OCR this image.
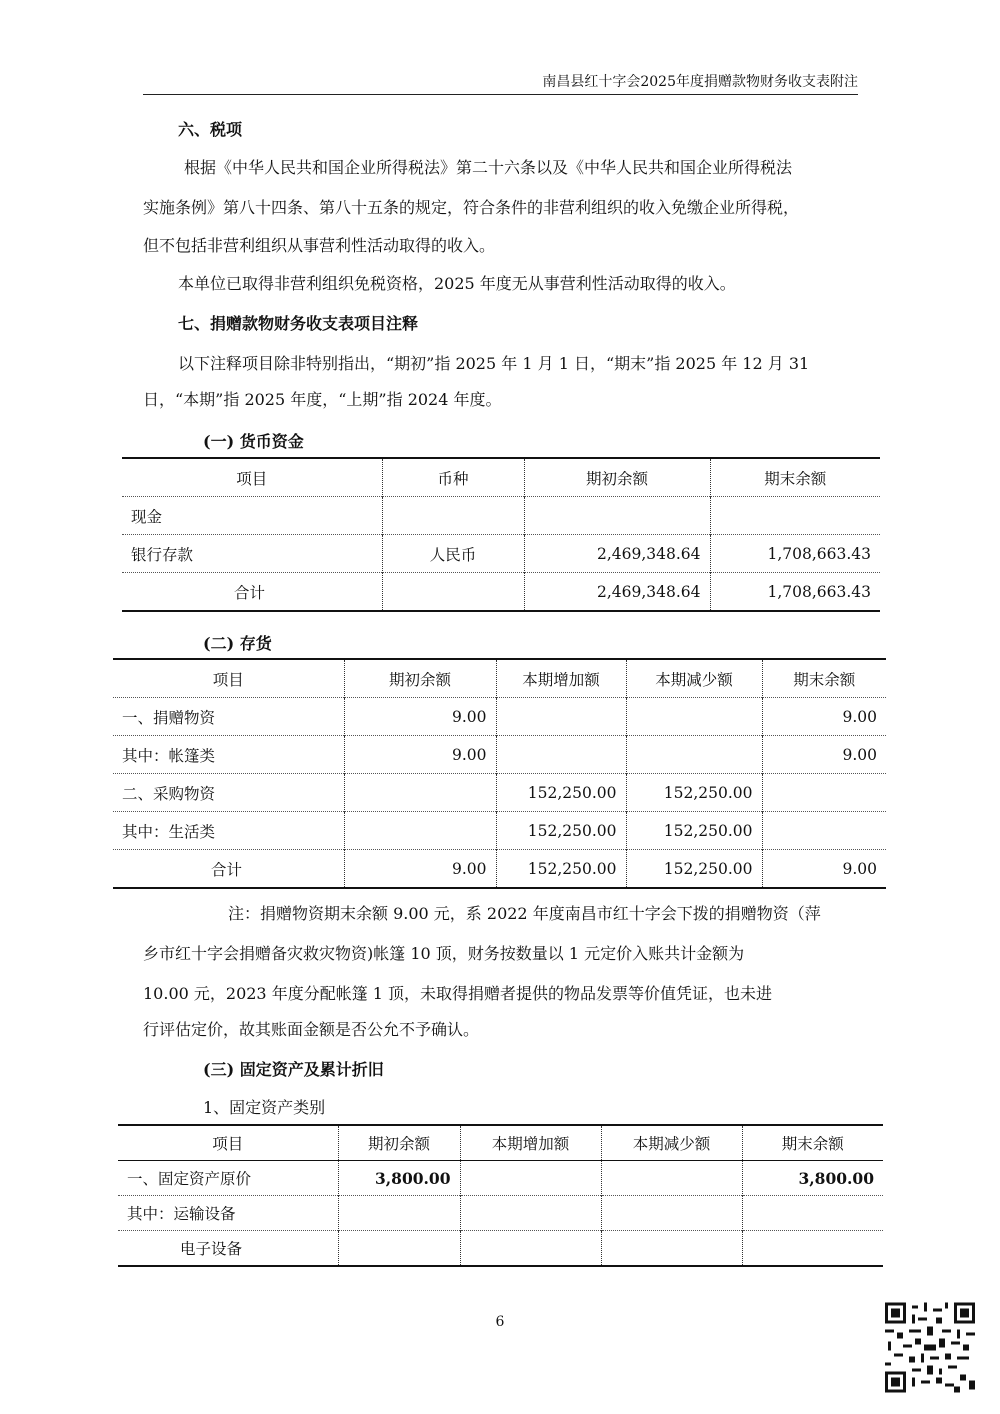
南昌县红十字会2025年度捐赠款物财务收支表附注
六、税项
根据《中华人民共和国企业所得税法》第二十六条以及《中华人民共和国企业所得税法
实施条例》第八十四条、第八十五条的规定，符合条件的非营利组织的收入免缴企业所得税，
但不包括非营利组织从事营利性活动取得的收入。
本单位已取得非营利组织免税资格，2025 年度无从事营利性活动取得的收入。
七、捐赠款物财务收支表项目注释
以下注释项目除非特别指出，“期初”指 2025 年 1 月 1 日，“期末”指 2025 年 12 月 31
日，“本期”指 2025 年度，“上期”指 2024 年度。
(一) 货币资金
项目	币种	期初余额	期末余额
现金			
银行存款	人民币	2,469,348.64	1,708,663.43
合计		2,469,348.64	1,708,663.43
(二) 存货
项目	期初余额	本期增加额	本期减少额	期末余额
一、捐赠物资	9.00			9.00
其中：帐篷类	9.00			9.00
二、采购物资		152,250.00	152,250.00	
其中：生活类		152,250.00	152,250.00	
合计	9.00	152,250.00	152,250.00	9.00
注：捐赠物资期末余额 9.00 元，系 2022 年度南昌市红十字会下拨的捐赠物资（萍
乡市红十字会捐赠备灾救灾物资)帐篷 10 顶，财务按数量以 1 元定价入账共计金额为
10.00 元，2023 年度分配帐篷 1 顶，未取得捐赠者提供的物品发票等价值凭证，也未进
行评估定价，故其账面金额是否公允不予确认。
(三) 固定资产及累计折旧
1、固定资产类别
项目	期初余额	本期增加额	本期减少额	期末余额
一、固定资产原价	3,800.00			3,800.00
其中：运输设备				
电子设备				
6
